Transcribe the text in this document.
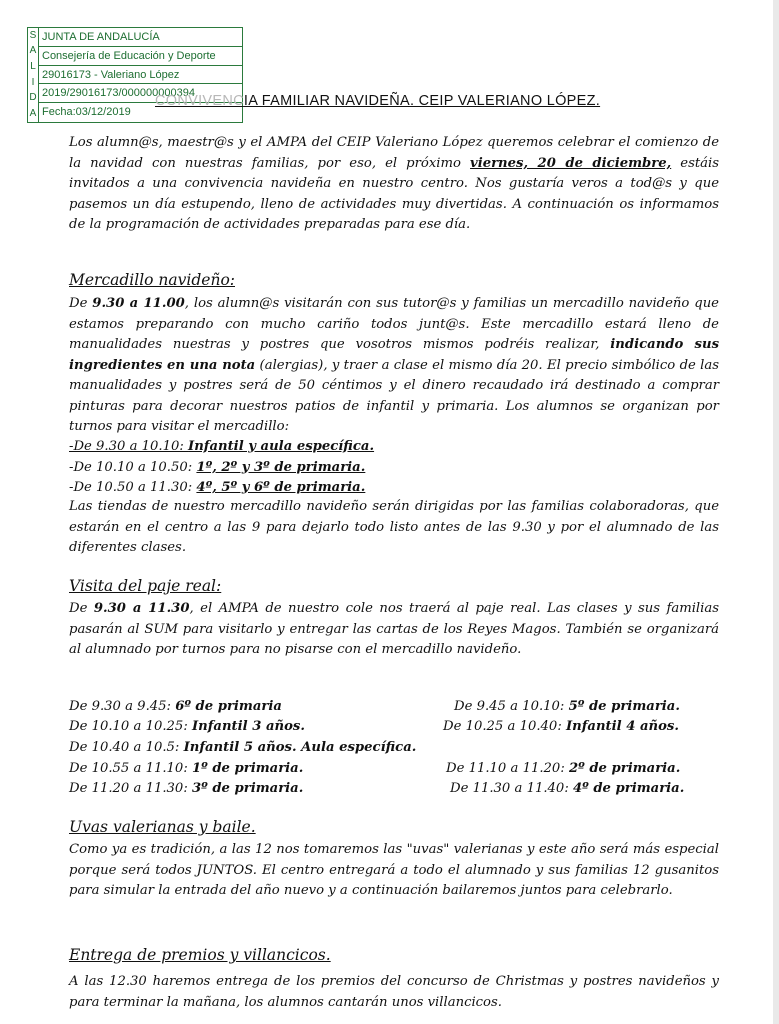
S
A
L
I
D
A
JUNTA DE ANDALUCÍA
Consejería de Educación y Deporte
29016173 - Valeriano López
2019/29016173/000000000394
Fecha:03/12/2019
CONVIVENCIA FAMILIAR NAVIDEÑA. CEIP VALERIANO LÓPEZ.
Los alumn@s, maestr@s y el AMPA del CEIP Valeriano López queremos celebrar el comienzo de la navidad con nuestras familias, por eso, el próximo viernes, 20 de diciembre, estáis invitados a una convivencia navideña en nuestro centro. Nos gustaría veros a tod@s y que pasemos un día estupendo, lleno de actividades muy divertidas. A continuación os informamos de la programación de actividades preparadas para ese día.
Mercadillo navideño:
De 9.30 a 11.00, los alumn@s visitarán con sus tutor@s y familias un mercadillo navideño que estamos preparando con mucho cariño todos junt@s. Este mercadillo estará lleno de manualidades nuestras y postres que vosotros mismos podréis realizar, indicando sus ingredientes en una nota (alergias), y traer a clase el mismo día 20. El precio simbólico de las manualidades y postres será de 50 céntimos y el dinero recaudado irá destinado a comprar pinturas para decorar nuestros patios de infantil y primaria. Los alumnos se organizan por turnos para visitar el mercadillo:
-De 9.30 a 10.10: Infantil y aula específica.
-De 10.10 a 10.50: 1º, 2º y 3º de primaria.
-De 10.50 a 11.30: 4º, 5º y 6º de primaria.
Las tiendas de nuestro mercadillo navideño serán dirigidas por las familias colaboradoras, que estarán en el centro a las 9 para dejarlo todo listo antes de las 9.30 y por el alumnado de las diferentes clases.
Visita del paje real:
De 9.30 a 11.30, el AMPA de nuestro cole nos traerá al paje real. Las clases y sus familias pasarán al SUM para visitarlo y entregar las cartas de los Reyes Magos. También se organizará al alumnado por turnos para no pisarse con el mercadillo navideño.
De 9.30 a 9.45: 6º de primaria	De 9.45 a 10.10: 5º de primaria.
De 10.10 a 10.25: Infantil 3 años.	De 10.25 a 10.40: Infantil 4 años.
De 10.40 a 10.5: Infantil 5 años. Aula específica.
De 10.55 a 11.10: 1º de primaria.	De 11.10 a 11.20: 2º de primaria.
De 11.20 a 11.30: 3º de primaria.	De 11.30 a 11.40: 4º de primaria.
Uvas valerianas y baile.
Como ya es tradición, a las 12 nos tomaremos las "uvas" valerianas y este año será más especial porque será todos JUNTOS. El centro entregará a todo el alumnado y sus familias 12 gusanitos para simular la entrada del año nuevo y a continuación bailaremos juntos para celebrarlo.
Entrega de premios y villancicos.
A las 12.30 haremos entrega de los premios del concurso de Christmas y postres navideños y para terminar la mañana, los alumnos cantarán unos villancicos.
